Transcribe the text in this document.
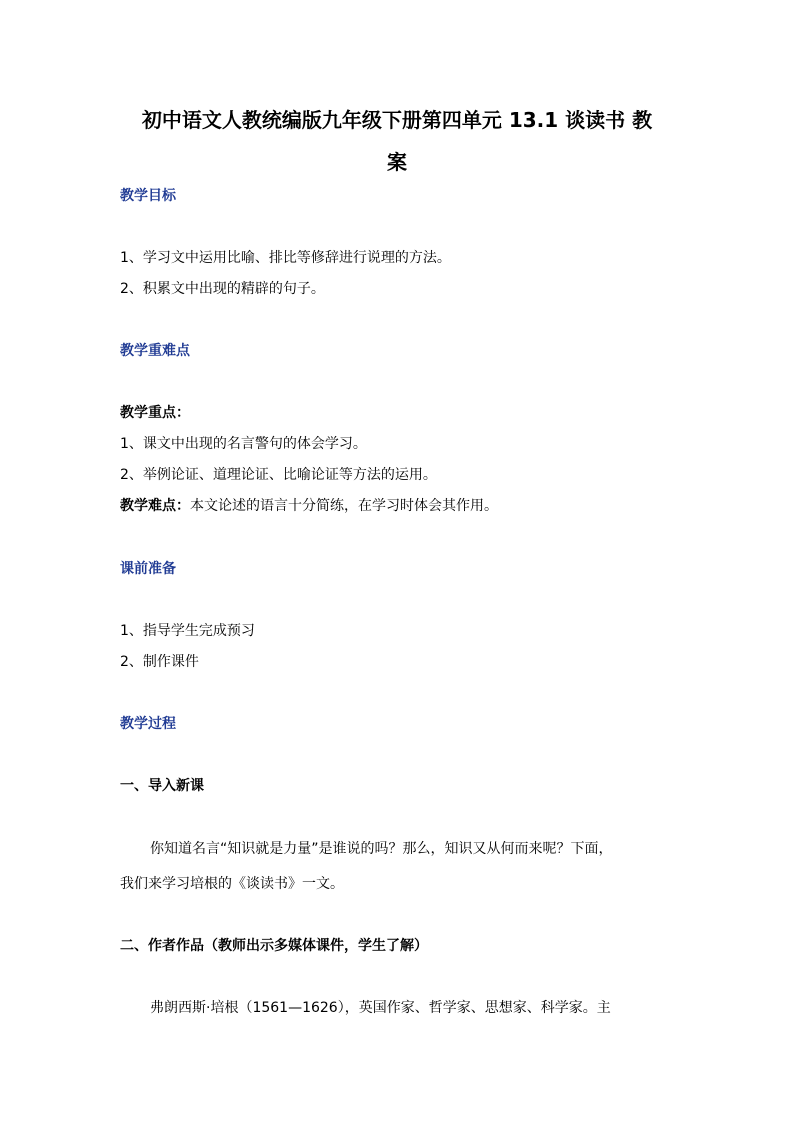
初中语文人教统编版九年级下册第四单元 13.1 谈读书 教
案
教学目标
1、学习文中运用比喻、排比等修辞进行说理的方法。
2、积累文中出现的精辟的句子。
教学重难点
教学重点：
1、课文中出现的名言警句的体会学习。
2、举例论证、道理论证、比喻论证等方法的运用。
教学难点：本文论述的语言十分简练，在学习时体会其作用。
课前准备
1、指导学生完成预习
2、制作课件
教学过程
一、导入新课
你知道名言“知识就是力量”是谁说的吗？那么，知识又从何而来呢？下面，
我们来学习培根的《谈读书》一文。
二、作者作品（教师出示多媒体课件，学生了解）
弗朗西斯·培根（1561—1626），英国作家、哲学家、思想家、科学家。主
